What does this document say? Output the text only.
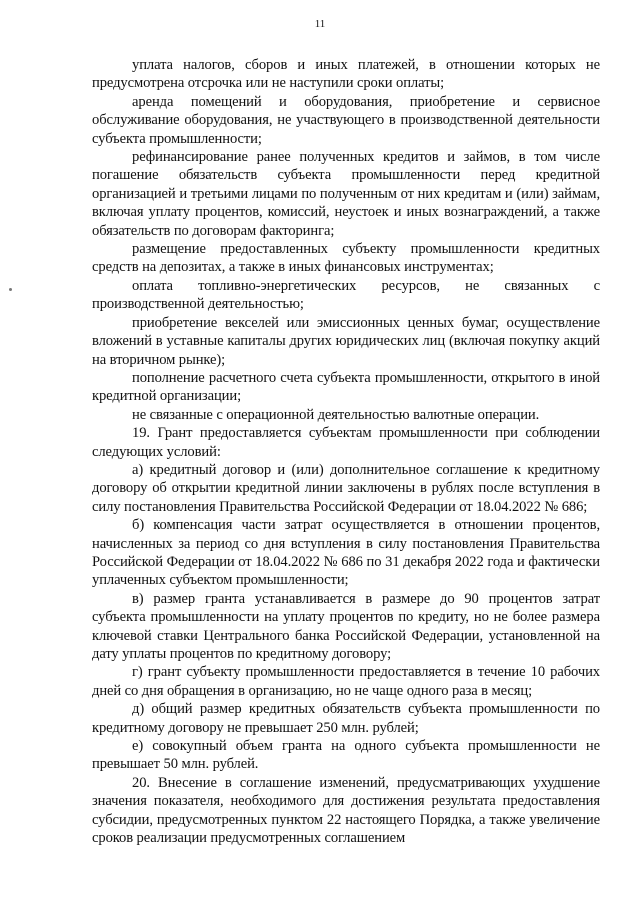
11

уплата налогов, сборов и иных платежей, в отношении которых не предусмотрена отсрочка или не наступили сроки оплаты;

аренда помещений и оборудования, приобретение и сервисное обслуживание оборудования, не участвующего в производственной деятельности субъекта промышленности;

рефинансирование ранее полученных кредитов и займов, в том числе погашение обязательств субъекта промышленности перед кредитной организацией и третьими лицами по полученным от них кредитам и (или) займам, включая уплату процентов, комиссий, неустоек и иных вознаграждений, а также обязательств по договорам факторинга;

размещение предоставленных субъекту промышленности кредитных средств на депозитах, а также в иных финансовых инструментах;

оплата топливно-энергетических ресурсов, не связанных с производственной деятельностью;

приобретение векселей или эмиссионных ценных бумаг, осуществление вложений в уставные капиталы других юридических лиц (включая покупку акций на вторичном рынке);

пополнение расчетного счета субъекта промышленности, открытого в иной кредитной организации;

не связанные с операционной деятельностью валютные операции.

19. Грант предоставляется субъектам промышленности при соблюдении следующих условий:

а) кредитный договор и (или) дополнительное соглашение к кредитному договору об открытии кредитной линии заключены в рублях после вступления в силу постановления Правительства Российской Федерации от 18.04.2022 № 686;

б) компенсация части затрат осуществляется в отношении процентов, начисленных за период со дня вступления в силу постановления Правительства Российской Федерации от 18.04.2022 № 686 по 31 декабря 2022 года и фактически уплаченных субъектом промышленности;

в) размер гранта устанавливается в размере до 90 процентов затрат субъекта промышленности на уплату процентов по кредиту, но не более размера ключевой ставки Центрального банка Российской Федерации, установленной на дату уплаты процентов по кредитному договору;

г) грант субъекту промышленности предоставляется в течение 10 рабочих дней со дня обращения в организацию, но не чаще одного раза в месяц;

д) общий размер кредитных обязательств субъекта промышленности по кредитному договору не превышает 250 млн. рублей;

е) совокупный объем гранта на одного субъекта промышленности не превышает 50 млн. рублей.

20. Внесение в соглашение изменений, предусматривающих ухудшение значения показателя, необходимого для достижения результата предоставления субсидии, предусмотренных пунктом 22 настоящего Порядка, а также увеличение сроков реализации предусмотренных соглашением
